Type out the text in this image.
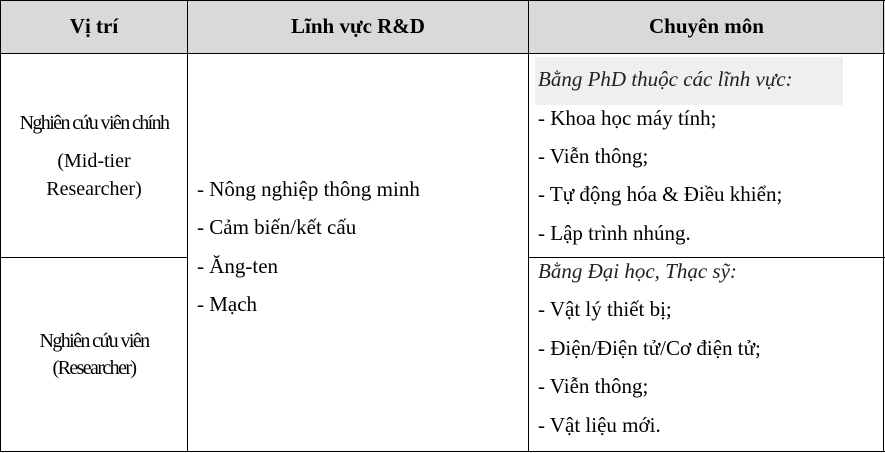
Vị trí	Lĩnh vực R&D	Chuyên môn
Nghiên cứu viên chính
(Mid-tier
Researcher)
Nghiên cứu viên
(Researcher)
- Nông nghiệp thông minh
- Cảm biến/kết cấu
- Ăng-ten
- Mạch
Bằng PhD thuộc các lĩnh vực:
- Khoa học máy tính;
- Viễn thông;
- Tự động hóa & Điều khiển;
- Lập trình nhúng.
Bằng Đại học, Thạc sỹ:
- Vật lý thiết bị;
- Điện/Điện tử/Cơ điện tử;
- Viễn thông;
- Vật liệu mới.
